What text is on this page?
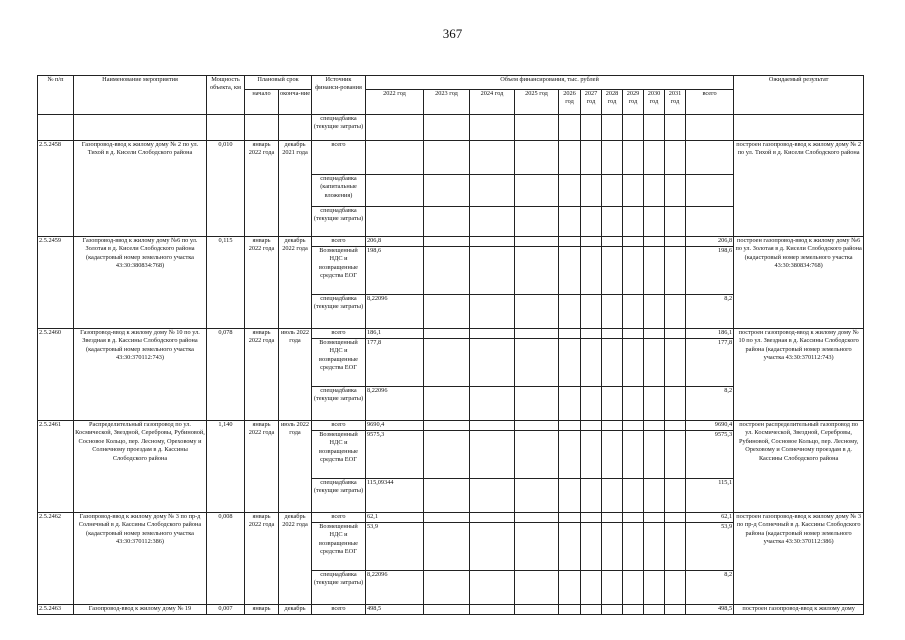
367
№ п/п	Наименование мероприятия	Мощность объекта, км	Плановый срок		Источник финанси-рования	Объем финансирования, тыс. рублей											Ожидаемый результат
			начало	оконча-ние		2022 год	2023 год	2024 год	2025 год	2026 год	2027 год	2028 год	2029 год	2030 год	2031 год	всего	
					спецнадбавка (текущие затраты)												
2.5.2458	Газопровод-ввод к жилому дому № 2 по ул. Тихой в д. Кисели Слободского района	0,010	январь 2022 года	декабрь 2021 года	всего												построен газопровод-ввод к жилому дому № 2 по ул. Тихой в д. Кисели Слободского района
					спецнадбавка (капитальные вложения)												
					спецнадбавка (текущие затраты)												
2.5.2459	Газопровод-ввод к жилому дому №6 по ул. Золотая в д. Кисели Слободского района (кадастровый номер земельного участка 43:30:380834:768)	0,115	январь 2022 года	декабрь 2022 года	всего	206,8										206,8	построен газопровод-ввод к жилому дому №6 по ул. Золотая в д. Кисели Слободского района (кадастровый номер земельного участка 43:30:380834:768)
					Возмещенный НДС и возвращенные средства ЕОГ	198,6										198,6	
					спецнадбавка (текущие затраты)	8,22096										8,2	
2.5.2460	Газопровод-ввод к жилому дому № 10 по ул. Звездная в д. Кассины Слободского района (кадастровый номер земельного участка 43:30:370112:743)	0,078	январь 2022 года	июль 2022 года	всего	186,1										186,1	построен газопровод-ввод к жилому дому № 10 по ул. Звездная в д. Кассины Слободского района (кадастровый номер земельного участка 43:30:370112:743)
					Возмещенный НДС и возвращенные средства ЕОГ	177,8										177,8	
					спецнадбавка (текущие затраты)	8,22096										8,2	
2.5.2461	Распределительный газопровод по ул. Космической, Звездной, Серебровы, Рубиновой, Сосновое Кольцо, пер. Лесному, Ореховому и Солнечному проездам в д. Кассины Слободского района	1,140	январь 2022 года	июль 2022 года	всего	9690,4										9690,4	построен распределительный газопровод по ул. Космической, Звездной, Серебровы, Рубиновой, Сосновое Кольцо, пер. Лесному, Ореховому и Солнечному проездам в д. Кассины Слободского района
					Возмещенный НДС и возвращенные средства ЕОГ	9575,3										9575,3	
					спецнадбавка (текущие затраты)	115,09344										115,1	
2.5.2462	Газопровод-ввод к жилому дому № 3 по пр-д Солнечный в д. Кассины Слободского района (кадастровый номер земельного участка 43:30:370112:386)	0,008	январь 2022 года	декабрь 2022 года	всего	62,1										62,1	построен газопровод-ввод к жилому дому № 3 по пр-д Солнечный в д. Кассины Слободского района (кадастровый номер земельного участка 43:30:370112:386)
					Возмещенный НДС и возвращенные средства ЕОГ	53,9										53,9	
					спецнадбавка (текущие затраты)	8,22096										8,2	
2.5.2463	Газопровод-ввод к жилому дому № 19	0,007	январь	декабрь	всего	498,5										498,5	построен газопровод-ввод к жилому дому
